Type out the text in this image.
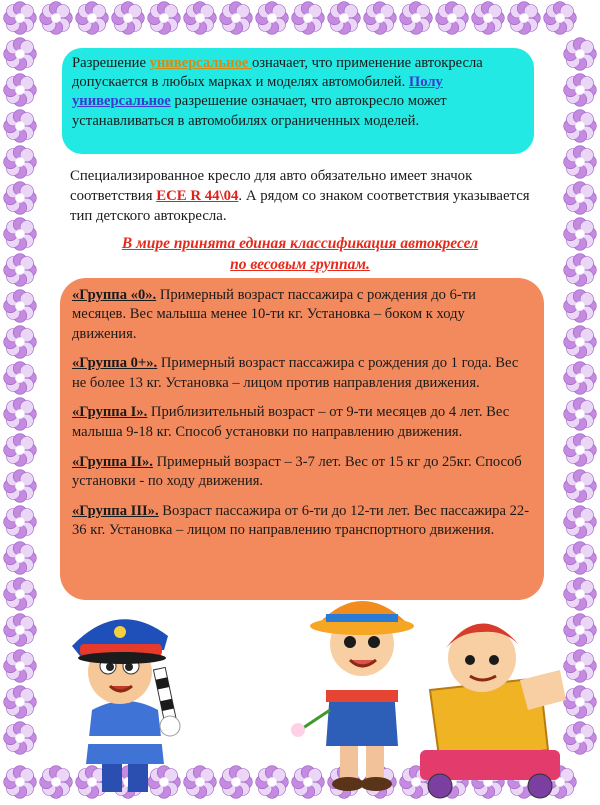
Разрешение универсальное означает, что применение автокресла допускается в любых марках и моделях автомобилей. Полу универсальное разрешение означает, что автокресло может устанавливаться в автомобилях ограниченных моделей.
Специализированное кресло для авто обязательно имеет значок соответствия ECE R 44\04. А рядом со знаком соответствия указывается тип детского автокресла.
В мире принята единая классификация автокресел
по весовым группам.
«Группа «0». Примерный возраст пассажира с рождения до 6-ти месяцев. Вес малыша менее 10-ти кг. Установка – боком к ходу движения.
«Группа 0+». Примерный возраст пассажира с рождения до 1 года. Вес не более 13 кг. Установка – лицом против направления движения.
«Группа I». Приблизительный возраст – от 9-ти месяцев до 4 лет. Вес малыша 9-18 кг. Способ установки по направлению движения.
«Группа II». Примерный возраст – 3-7 лет. Вес от 15 кг до 25кг. Способ установки - по ходу движения.
«Группа III». Возраст пассажира от 6-ти до 12-ти лет. Вес пассажира 22-36 кг. Установка – лицом по направлению транспортного движения.
